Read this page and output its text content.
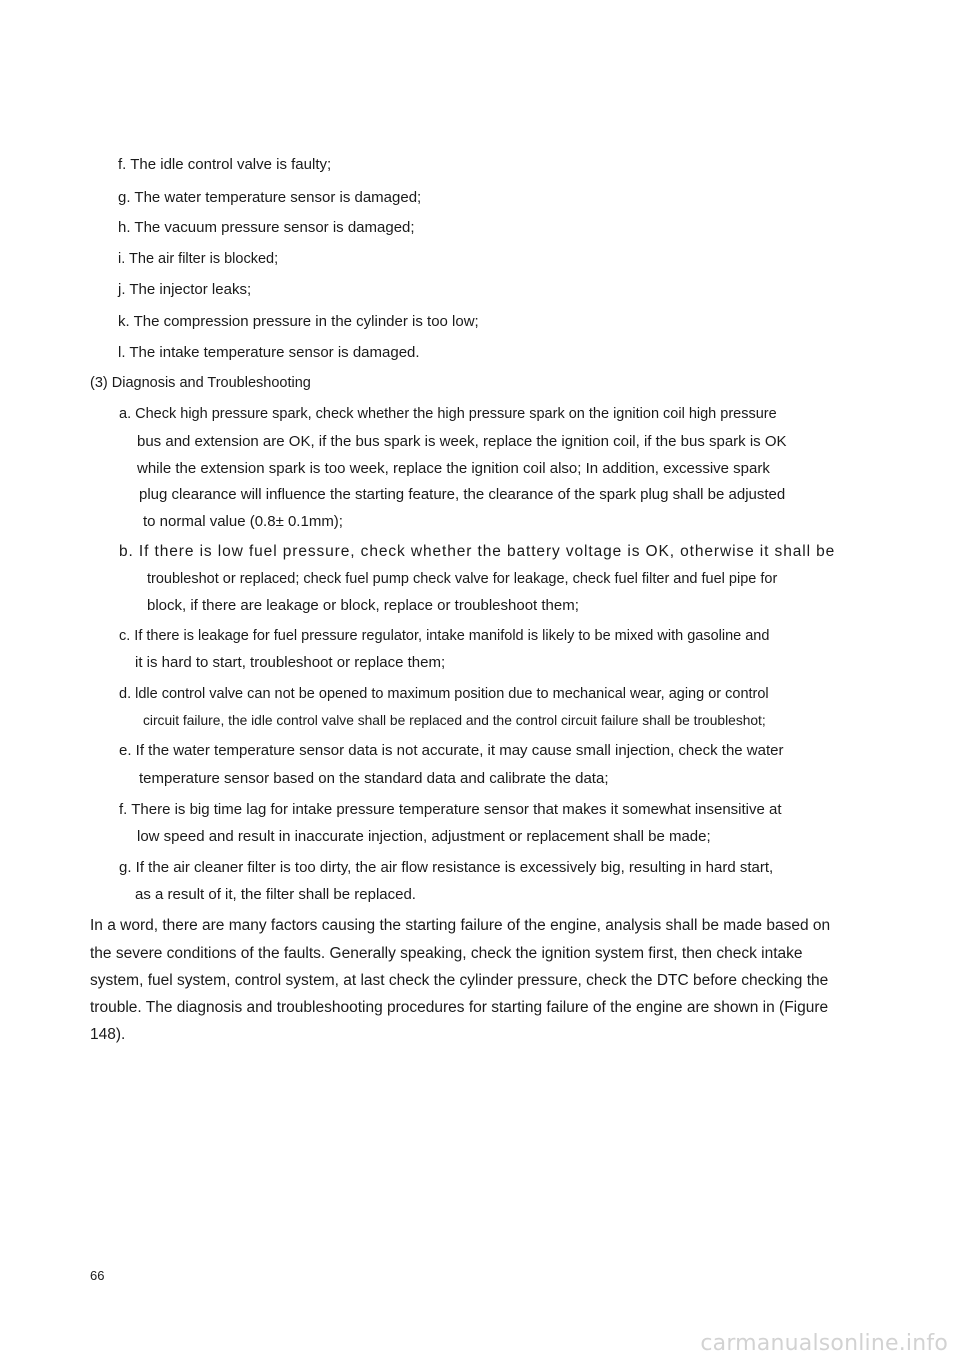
f. The idle control valve is faulty;
g. The water temperature sensor is damaged;
h. The vacuum pressure sensor is damaged;
i. The air filter is blocked;
j. The injector leaks;
k. The compression pressure in the cylinder is too low;
l. The intake temperature sensor is damaged.
(3) Diagnosis and Troubleshooting
a. Check high pressure spark, check whether the high pressure spark on the ignition coil high pressure
bus and extension are OK, if the bus spark is week, replace the ignition coil, if the bus spark is OK
while the extension spark is too week, replace the ignition coil also; In addition, excessive spark
plug clearance will influence the starting feature, the clearance of the spark plug shall be adjusted
to normal value (0.8± 0.1mm);
b. If there is low fuel pressure, check whether the battery voltage is OK, otherwise it shall be
troubleshot or replaced; check fuel pump check valve for leakage, check fuel filter and fuel pipe for
block, if there are leakage or block, replace or troubleshoot them;
c. If there is leakage for fuel pressure regulator, intake manifold is likely to be mixed with gasoline and
it is hard to start, troubleshoot or replace them;
d. ldle control valve can not be opened to maximum position due to mechanical wear, aging or control
circuit failure, the idle control valve shall be replaced and the control circuit failure shall be troubleshot;
e. If the water temperature sensor data is not accurate, it may cause small injection, check the water
temperature sensor based on the standard data and calibrate the data;
f. There is big time lag for intake pressure temperature sensor that makes it somewhat insensitive at
low speed and result in inaccurate injection, adjustment or replacement shall be made;
g. If the air cleaner filter is too dirty, the air flow resistance is excessively big, resulting in hard start,
as a result of it, the filter shall be replaced.
In a word, there are many factors causing the starting failure of the engine, analysis shall be made based on
the severe conditions of the faults. Generally speaking, check the ignition system first, then check intake
system, fuel system, control system, at last check the cylinder pressure, check the DTC before checking the
trouble. The diagnosis and troubleshooting procedures for starting failure of the engine are shown in (Figure
148).
66
carmanualsonline.info
